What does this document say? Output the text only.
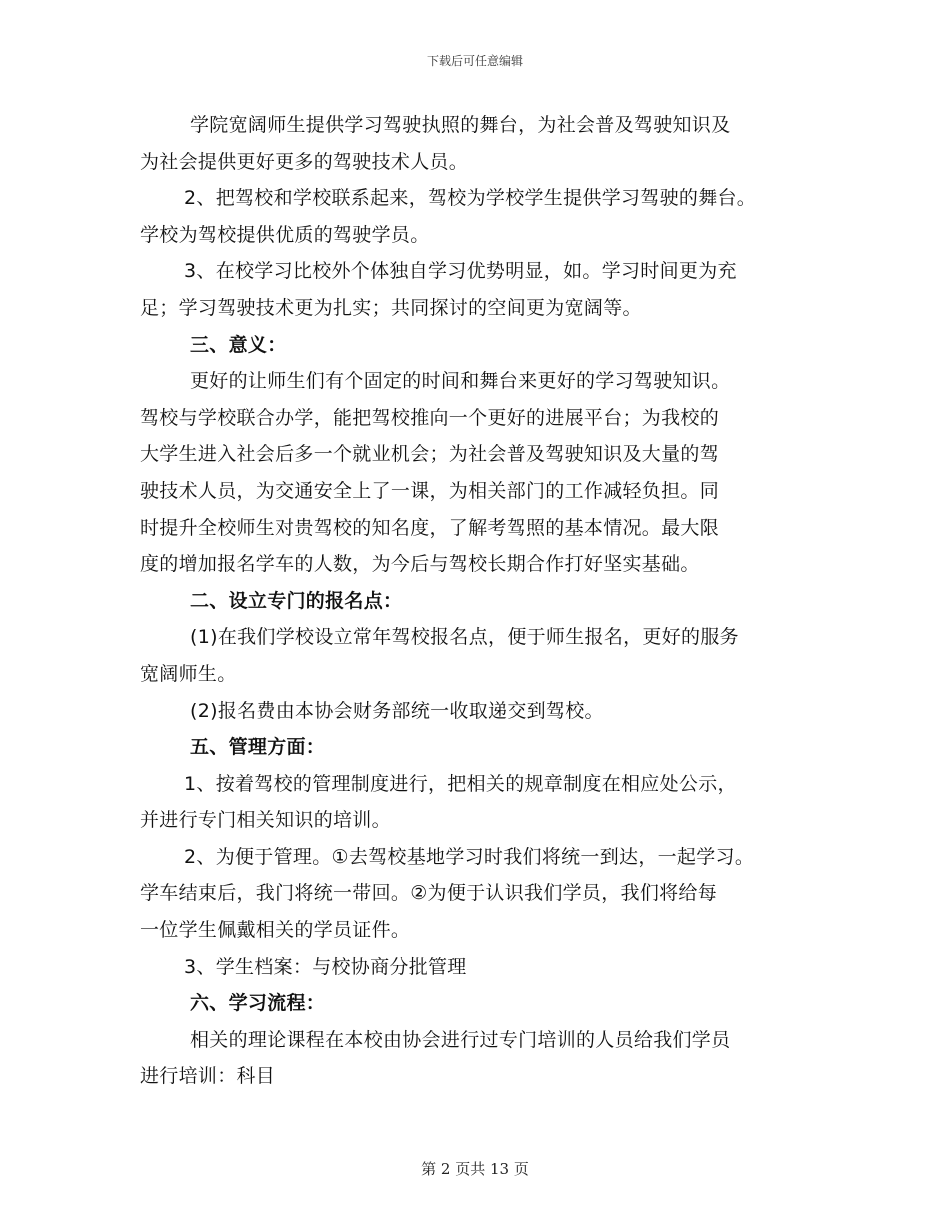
下载后可任意编辑
学院宽阔师生提供学习驾驶执照的舞台，为社会普及驾驶知识及
为社会提供更好更多的驾驶技术人员。
2、把驾校和学校联系起来，驾校为学校学生提供学习驾驶的舞台。
学校为驾校提供优质的驾驶学员。
3、在校学习比校外个体独自学习优势明显，如。学习时间更为充
足；学习驾驶技术更为扎实；共同探讨的空间更为宽阔等。
三、意义：
更好的让师生们有个固定的时间和舞台来更好的学习驾驶知识。
驾校与学校联合办学，能把驾校推向一个更好的进展平台；为我校的
大学生进入社会后多一个就业机会；为社会普及驾驶知识及大量的驾
驶技术人员，为交通安全上了一课，为相关部门的工作减轻负担。同
时提升全校师生对贵驾校的知名度，了解考驾照的基本情况。最大限
度的增加报名学车的人数，为今后与驾校长期合作打好坚实基础。
二、设立专门的报名点：
(1)在我们学校设立常年驾校报名点，便于师生报名，更好的服务
宽阔师生。
(2)报名费由本协会财务部统一收取递交到驾校。
五、管理方面：
1、按着驾校的管理制度进行，把相关的规章制度在相应处公示，
并进行专门相关知识的培训。
2、为便于管理。①去驾校基地学习时我们将统一到达，一起学习。
学车结束后，我门将统一带回。②为便于认识我们学员，我们将给每
一位学生佩戴相关的学员证件。
3、学生档案：与校协商分批管理
六、学习流程：
相关的理论课程在本校由协会进行过专门培训的人员给我们学员
进行培训：科目
第 2 页共 13 页
